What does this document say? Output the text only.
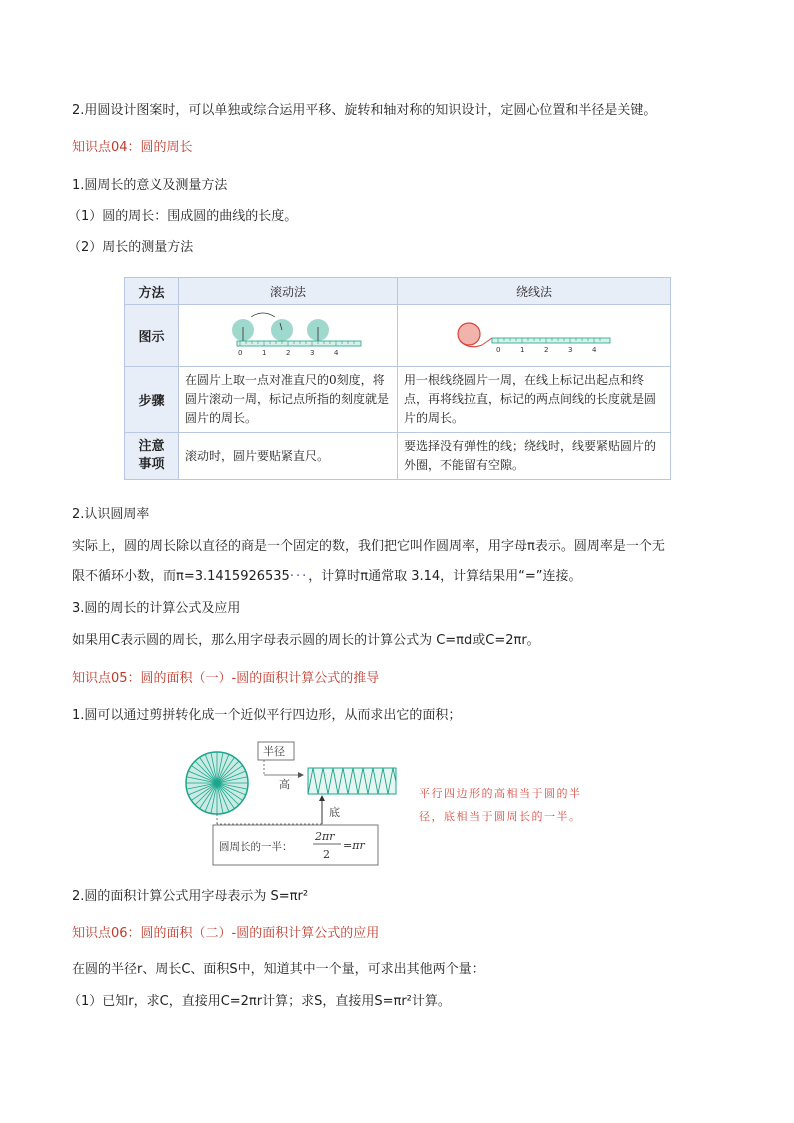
2.用圆设计图案时，可以单独或综合运用平移、旋转和轴对称的知识设计，定圆心位置和半径是关键。
知识点04：圆的周长
1.圆周长的意义及测量方法
（1）圆的周长：围成圆的曲线的长度。
（2）周长的测量方法
方法	滚动法	绕线法
图示	0 1 2 3 4	0 1 2 3 4

步骤	在圆片上取一点对准直尺的0刻度，将圆片滚动一周，标记点所指的刻度就是圆片的周长。	用一根线绕圆片一周，在线上标记出起点和终点，再将线拉直，标记的两点间线的长度就是圆片的周长。
注意
事项	滚动时，圆片要贴紧直尺。	要选择没有弹性的线；绕线时，线要紧贴圆片的外圈，不能留有空隙。
2.认识圆周率
实际上，圆的周长除以直径的商是一个固定的数，我们把它叫作圆周率，用字母π表示。圆周率是一个无
限不循环小数，而π=3.1415926535···，计算时π通常取 3.14，计算结果用“=”连接。
3.圆的周长的计算公式及应用
如果用C表示圆的周长，那么用字母表示圆的周长的计算公式为 C=πd或C=2πr。
知识点05：圆的面积（一）-圆的面积计算公式的推导
1.圆可以通过剪拼转化成一个近似平行四边形，从而求出它的面积；
半径
高
底
圆周长的一半：
2πr
2
=πr
平行四边形的高相当于圆的半
径，底相当于圆周长的一半。
2.圆的面积计算公式用字母表示为 S=πr²
知识点06：圆的面积（二）-圆的面积计算公式的应用
在圆的半径r、周长C、面积S中，知道其中一个量，可求出其他两个量：
（1）已知r，求C，直接用C=2πr计算；求S，直接用S=πr²计算。
